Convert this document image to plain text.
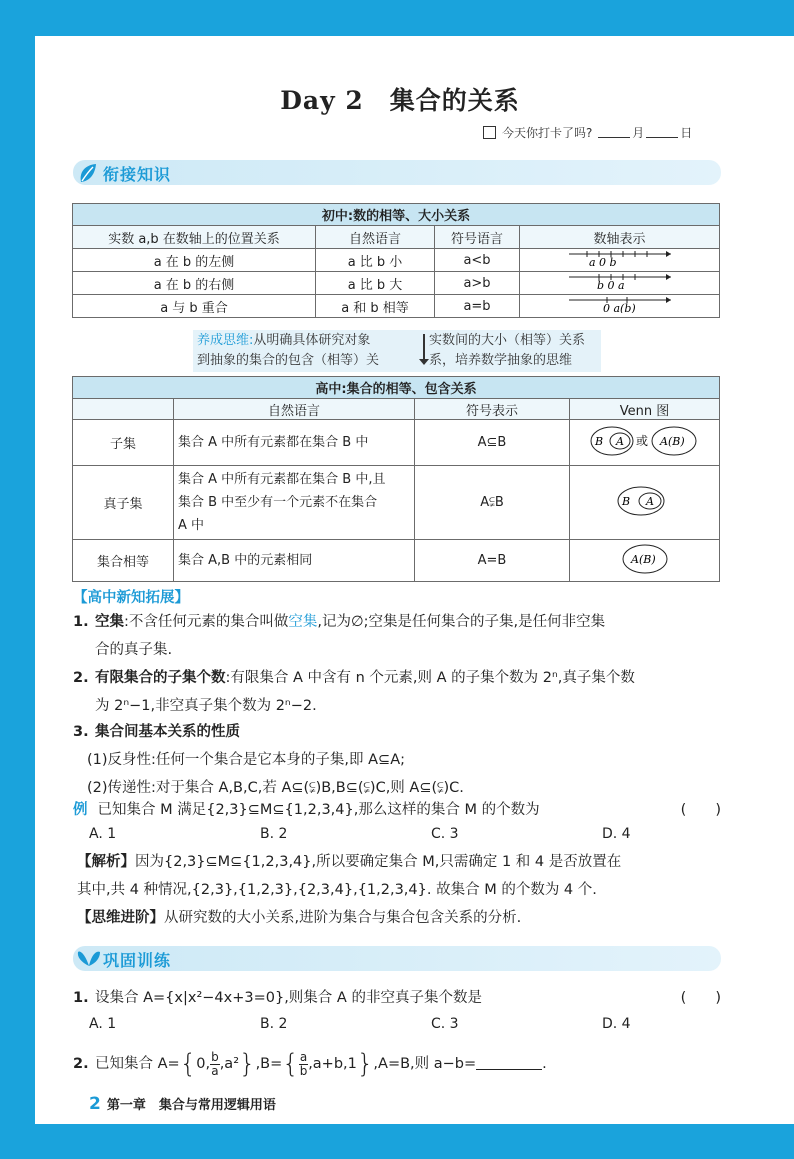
Day 2　集合的关系
今天你打卡了吗?	月	日
衔接知识
初中:数的相等、大小关系			
实数 a,b 在数轴上的位置关系	自然语言	符号语言	数轴表示
a 在 b 的左侧	a 比 b 小	a<b	a 0 b

a 在 b 的右侧	a 比 b 大	a>b	b 0 a

a 与 b 重合	a 和 b 相等	a=b	0 a(b)
养成思维:从明确具体研究对象
到抽象的集合的包含（相等）关
实数间的大小（相等）关系
系，培养数学抽象的思维
高中:集合的相等、包含关系			
	自然语言	符号表示	Venn 图
子集	集合 A 中所有元素都在集合 B 中	A⊆B	B A 或 A(B)

真子集	集合 A 中所有元素都在集合 B 中,且
集合 B 中至少有一个元素不在集合
A 中	A⫋B	B A

集合相等	集合 A,B 中的元素相同	A=B	A(B)
【高中新知拓展】
1. 空集:不含任何元素的集合叫做空集,记为∅;空集是任何集合的子集,是任何非空集
合的真子集.
2. 有限集合的子集个数:有限集合 A 中含有 n 个元素,则 A 的子集个数为 2ⁿ,真子集个数
为 2ⁿ−1,非空真子集个数为 2ⁿ−2.
3. 集合间基本关系的性质
(1)反身性:任何一个集合是它本身的子集,即 A⊆A;
(2)传递性:对于集合 A,B,C,若 A⊆(⫋)B,B⊆(⫋)C,则 A⊆(⫋)C.
例 已知集合 M 满足{2,3}⊆M⊆{1,2,3,4},那么这样的集合 M 的个数为	(　　)
A. 1	B. 2	C. 3	D. 4
【解析】因为{2,3}⊆M⊆{1,2,3,4},所以要确定集合 M,只需确定 1 和 4 是否放置在
其中,共 4 种情况,{2,3},{1,2,3},{2,3,4},{1,2,3,4}. 故集合 M 的个数为 4 个.
【思维进阶】从研究数的大小关系,进阶为集合与集合包含关系的分析.
巩固训练
1. 设集合 A={x|x²−4x+3=0},则集合 A 的非空真子集个数是	(　　)
A. 1	B. 2	C. 3	D. 4
2. 已知集合 A={0, $\frac{b}{a} ,a^2\},B=\{ \frac{a}{b} ,a+b,1\},A=B$,则 a−b=	.
2 第一章　集合与常用逻辑用语
